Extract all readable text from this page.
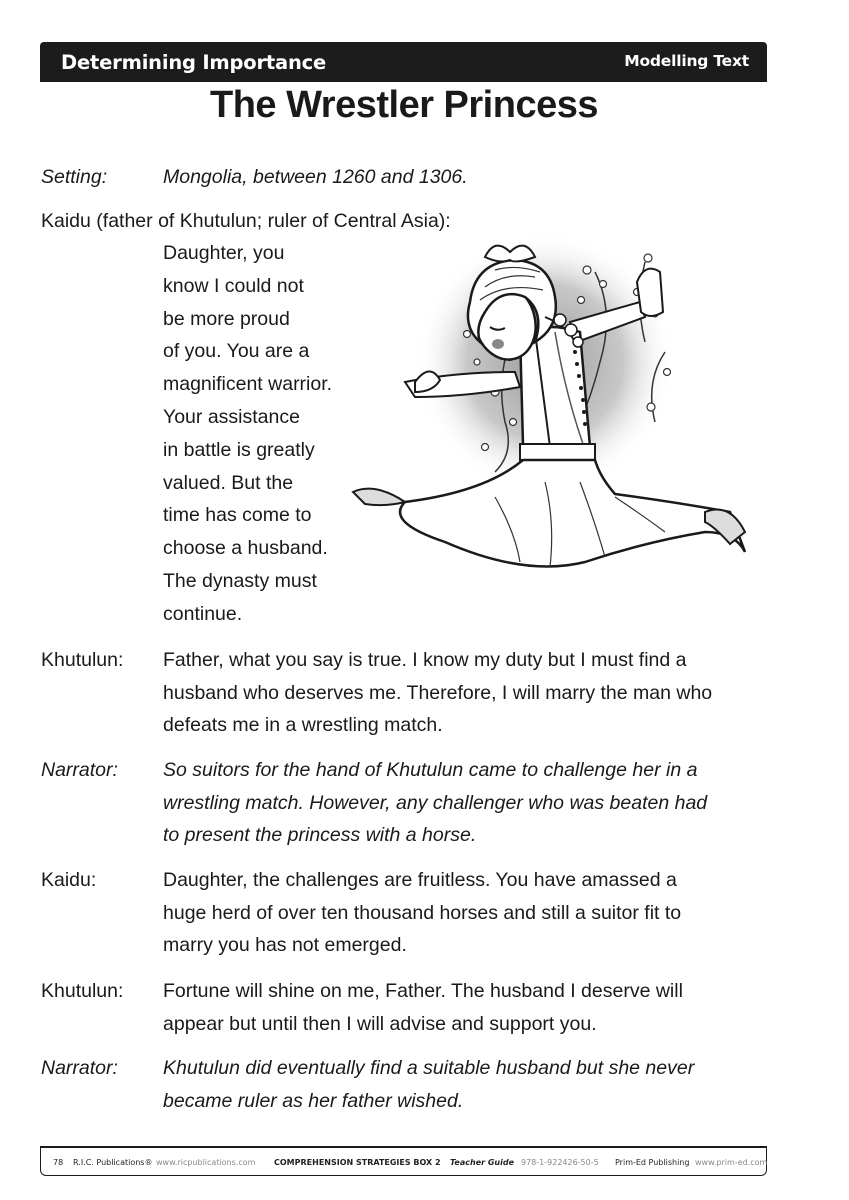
Determining Importance	Modelling Text
The Wrestler Princess
Setting:	Mongolia, between 1260 and 1306.
Kaidu (father of Khutulun; ruler of Central Asia):
Daughter, you
know I could not
be more proud
of you. You are a
magnificent warrior.
Your assistance
in battle is greatly
valued. But the
time has come to
choose a husband.
The dynasty must
continue.
Khutulun: Father, what you say is true. I know my duty but I must find a
husband who deserves me. Therefore, I will marry the man who
defeats me in a wrestling match.
Narrator: So suitors for the hand of Khutulun came to challenge her in a
wrestling match. However, any challenger who was beaten had
to present the princess with a horse.
Kaidu:	Daughter, the challenges are fruitless. You have amassed a
huge herd of over ten thousand horses and still a suitor fit to
marry you has not emerged.
Khutulun: Fortune will shine on me, Father. The husband I deserve will
appear but until then I will advise and support you.
Narrator: Khutulun did eventually find a suitable husband but she never
became ruler as her father wished.
78 R.I.C. Publications® www.ricpublications.com COMPREHENSION STRATEGIES BOX 2 Teacher Guide 978-1-922426-50-5 Prim-Ed Publishing www.prim-ed.com
